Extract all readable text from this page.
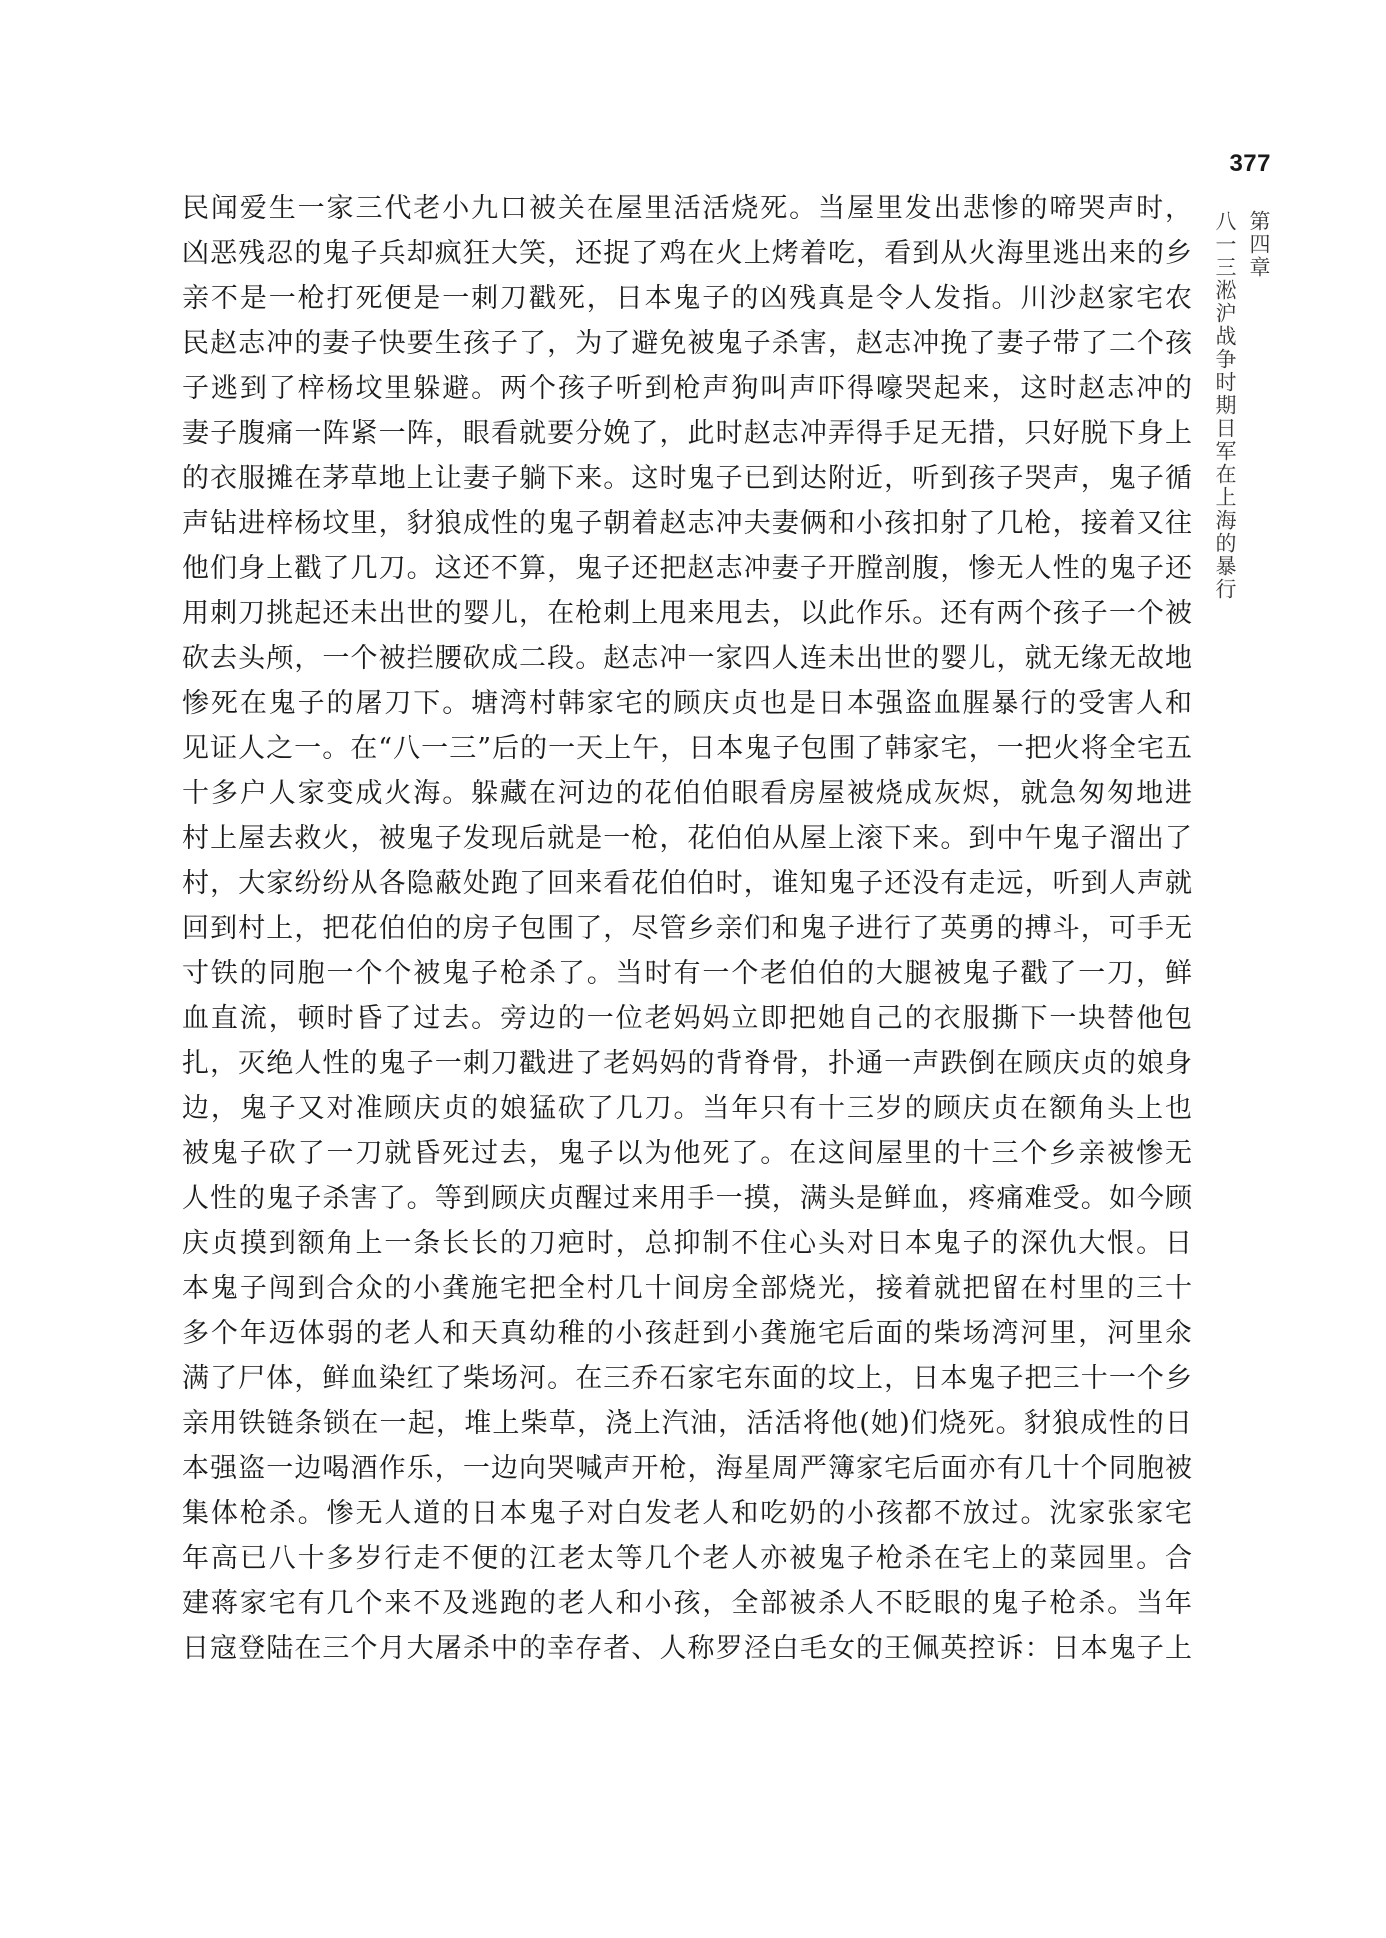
377
第四章
八一三淞沪战争时期日军在上海的暴行
民闻爱生一家三代老小九口被关在屋里活活烧死。当屋里发出悲惨的啼哭声时，
凶恶残忍的鬼子兵却疯狂大笑，还捉了鸡在火上烤着吃，看到从火海里逃出来的乡
亲不是一枪打死便是一刺刀戳死，日本鬼子的凶残真是令人发指。川沙赵家宅农
民赵志冲的妻子快要生孩子了，为了避免被鬼子杀害，赵志冲挽了妻子带了二个孩
子逃到了梓杨坟里躲避。两个孩子听到枪声狗叫声吓得嚎哭起来，这时赵志冲的
妻子腹痛一阵紧一阵，眼看就要分娩了，此时赵志冲弄得手足无措，只好脱下身上
的衣服摊在茅草地上让妻子躺下来。这时鬼子已到达附近，听到孩子哭声，鬼子循
声钻进梓杨坟里，豺狼成性的鬼子朝着赵志冲夫妻俩和小孩扣射了几枪，接着又往
他们身上戳了几刀。这还不算，鬼子还把赵志冲妻子开膛剖腹，惨无人性的鬼子还
用刺刀挑起还未出世的婴儿，在枪刺上甩来甩去，以此作乐。还有两个孩子一个被
砍去头颅，一个被拦腰砍成二段。赵志冲一家四人连未出世的婴儿，就无缘无故地
惨死在鬼子的屠刀下。塘湾村韩家宅的顾庆贞也是日本强盗血腥暴行的受害人和
见证人之一。在“八一三”后的一天上午，日本鬼子包围了韩家宅，一把火将全宅五
十多户人家变成火海。躲藏在河边的花伯伯眼看房屋被烧成灰烬，就急匆匆地进
村上屋去救火，被鬼子发现后就是一枪，花伯伯从屋上滚下来。到中午鬼子溜出了
村，大家纷纷从各隐蔽处跑了回来看花伯伯时，谁知鬼子还没有走远，听到人声就
回到村上，把花伯伯的房子包围了，尽管乡亲们和鬼子进行了英勇的搏斗，可手无
寸铁的同胞一个个被鬼子枪杀了。当时有一个老伯伯的大腿被鬼子戳了一刀，鲜
血直流，顿时昏了过去。旁边的一位老妈妈立即把她自己的衣服撕下一块替他包
扎，灭绝人性的鬼子一刺刀戳进了老妈妈的背脊骨，扑通一声跌倒在顾庆贞的娘身
边，鬼子又对准顾庆贞的娘猛砍了几刀。当年只有十三岁的顾庆贞在额角头上也
被鬼子砍了一刀就昏死过去，鬼子以为他死了。在这间屋里的十三个乡亲被惨无
人性的鬼子杀害了。等到顾庆贞醒过来用手一摸，满头是鲜血，疼痛难受。如今顾
庆贞摸到额角上一条长长的刀疤时，总抑制不住心头对日本鬼子的深仇大恨。日
本鬼子闯到合众的小龚施宅把全村几十间房全部烧光，接着就把留在村里的三十
多个年迈体弱的老人和天真幼稚的小孩赶到小龚施宅后面的柴场湾河里，河里氽
满了尸体，鲜血染红了柴场河。在三乔石家宅东面的坟上，日本鬼子把三十一个乡
亲用铁链条锁在一起，堆上柴草，浇上汽油，活活将他(她)们烧死。豺狼成性的日
本强盗一边喝酒作乐，一边向哭喊声开枪，海星周严簿家宅后面亦有几十个同胞被
集体枪杀。惨无人道的日本鬼子对白发老人和吃奶的小孩都不放过。沈家张家宅
年高已八十多岁行走不便的江老太等几个老人亦被鬼子枪杀在宅上的菜园里。合
建蒋家宅有几个来不及逃跑的老人和小孩，全部被杀人不眨眼的鬼子枪杀。当年
日寇登陆在三个月大屠杀中的幸存者、人称罗泾白毛女的王佩英控诉：日本鬼子上
